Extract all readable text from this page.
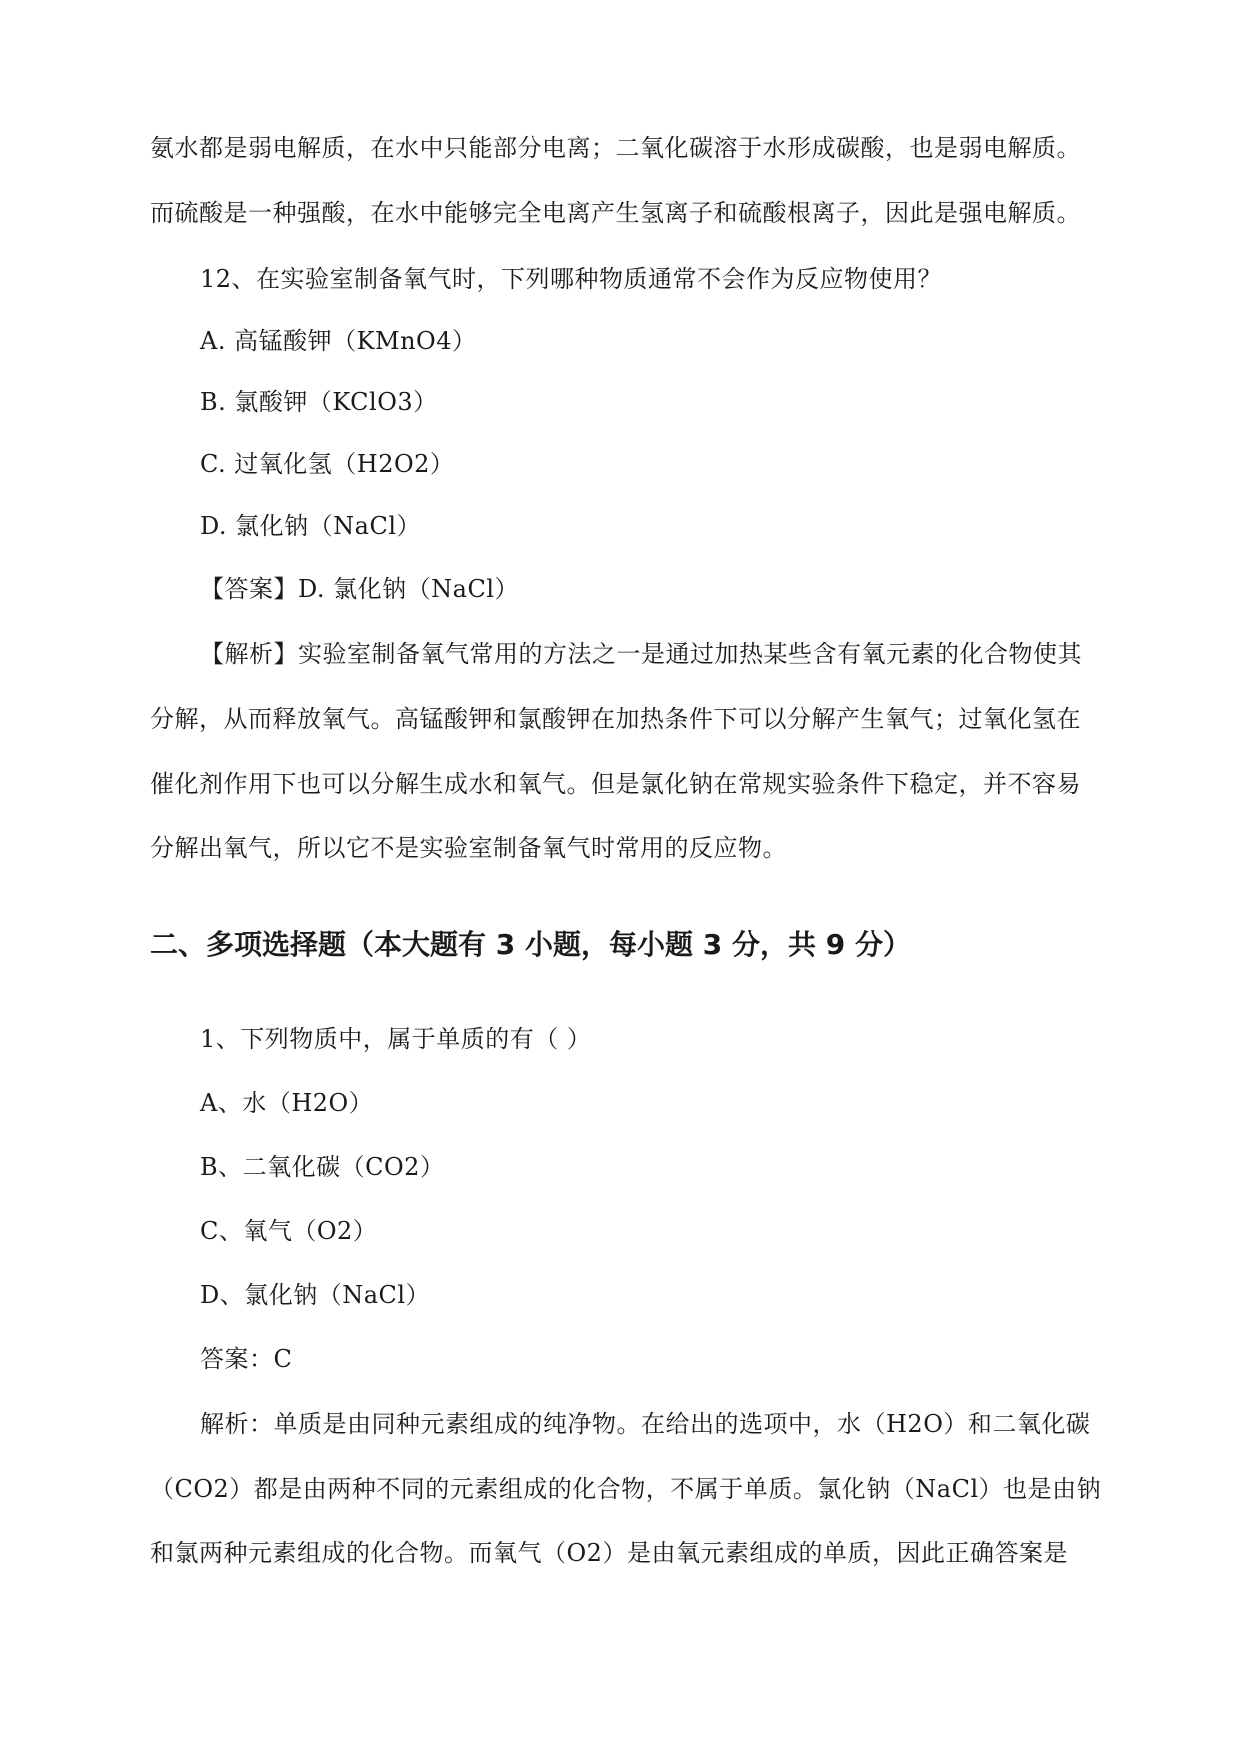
氨水都是弱电解质，在水中只能部分电离；二氧化碳溶于水形成碳酸，也是弱电解质。
而硫酸是一种强酸，在水中能够完全电离产生氢离子和硫酸根离子，因此是强电解质。
12、在实验室制备氧气时，下列哪种物质通常不会作为反应物使用？
A. 高锰酸钾（KMnO4）
B. 氯酸钾（KClO3）
C. 过氧化氢（H2O2）
D. 氯化钠（NaCl）
【答案】D. 氯化钠（NaCl）
【解析】实验室制备氧气常用的方法之一是通过加热某些含有氧元素的化合物使其
分解，从而释放氧气。高锰酸钾和氯酸钾在加热条件下可以分解产生氧气；过氧化氢在
催化剂作用下也可以分解生成水和氧气。但是氯化钠在常规实验条件下稳定，并不容易
分解出氧气，所以它不是实验室制备氧气时常用的反应物。
二、多项选择题（本大题有 3 小题，每小题 3 分，共 9 分）
1、下列物质中，属于单质的有（ ）
A、水（H2O）
B、二氧化碳（CO2）
C、氧气（O2）
D、氯化钠（NaCl）
答案：C
解析：单质是由同种元素组成的纯净物。在给出的选项中，水（H2O）和二氧化碳
（CO2）都是由两种不同的元素组成的化合物，不属于单质。氯化钠（NaCl）也是由钠
和氯两种元素组成的化合物。而氧气（O2）是由氧元素组成的单质，因此正确答案是
